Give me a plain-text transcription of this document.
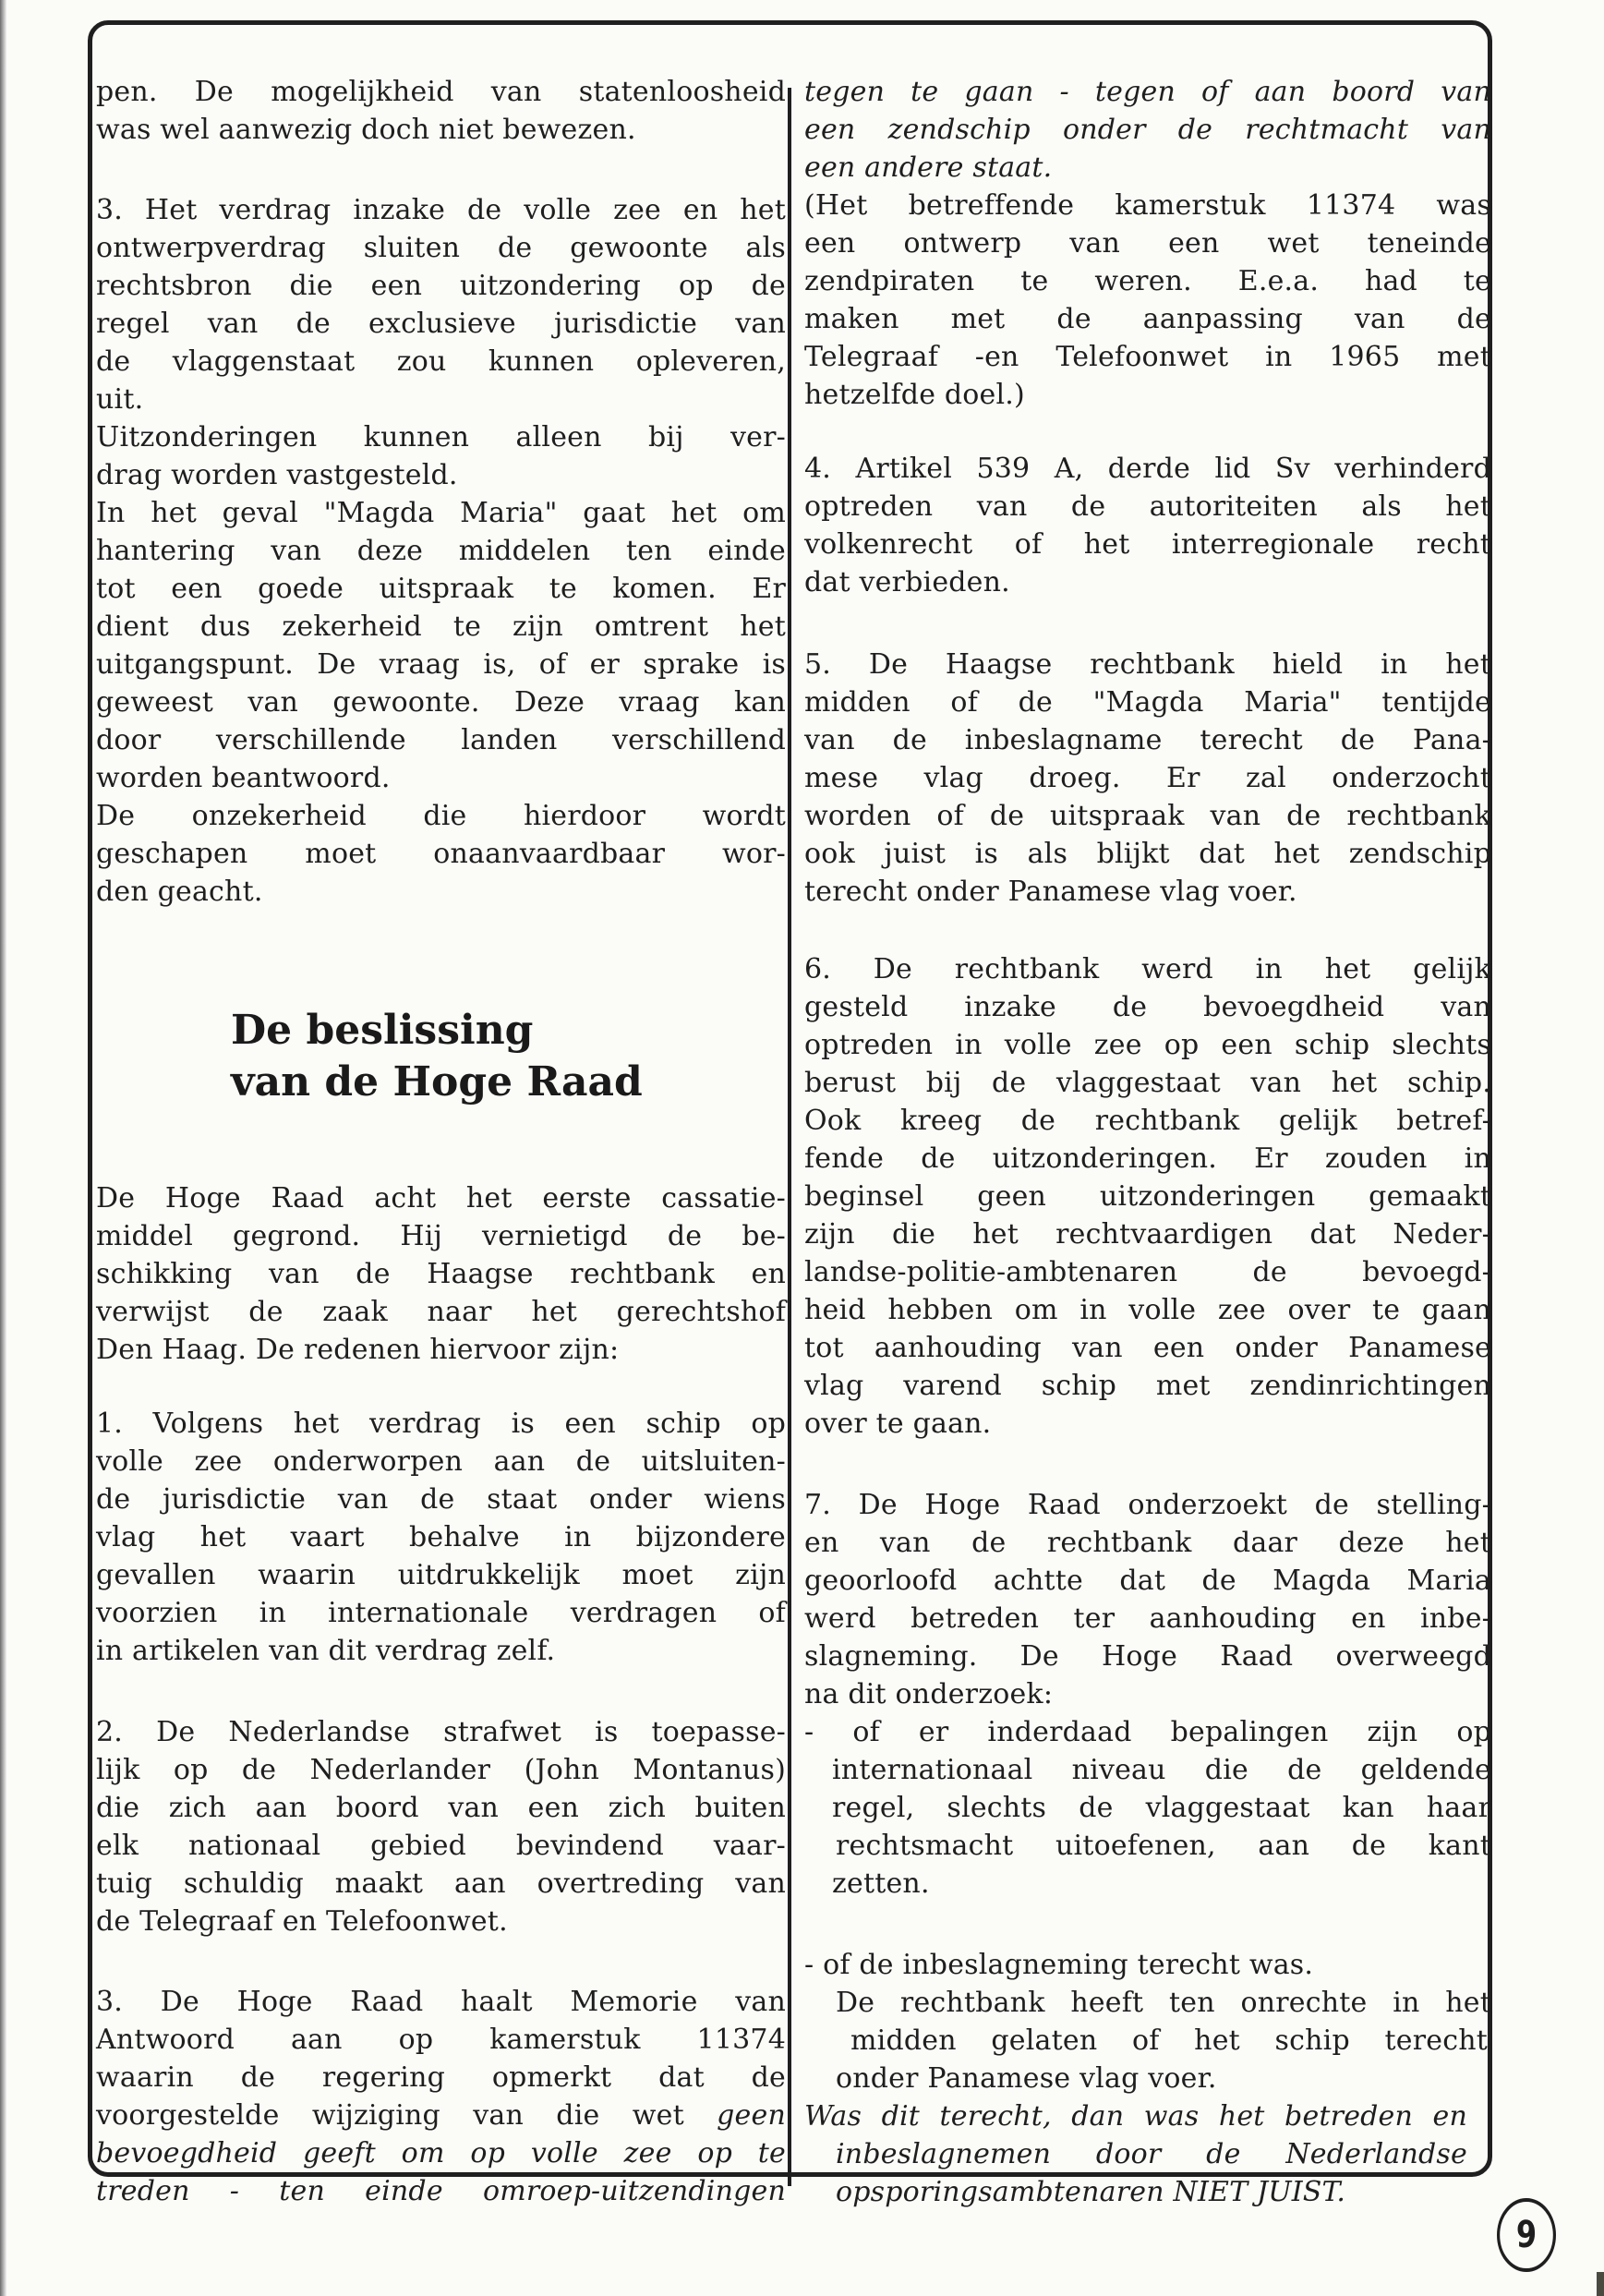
pen. De mogelijkheid van statenloosheid
was wel aanwezig doch niet bewezen.
3. Het verdrag inzake de volle zee en het
ontwerpverdrag sluiten de gewoonte als
rechtsbron die een uitzondering op de
regel van de exclusieve jurisdictie van
de vlaggenstaat zou kunnen opleveren,
uit.
Uitzonderingen kunnen alleen bij ver-
drag worden vastgesteld.
In het geval "Magda Maria" gaat het om
hantering van deze middelen ten einde
tot een goede uitspraak te komen. Er
dient dus zekerheid te zijn omtrent het
uitgangspunt. De vraag is, of er sprake is
geweest van gewoonte. Deze vraag kan
door verschillende landen verschillend
worden beantwoord.
De onzekerheid die hierdoor wordt
geschapen moet onaanvaardbaar wor-
den geacht.
De beslissing
van de Hoge Raad
De Hoge Raad acht het eerste cassatie-
middel gegrond. Hij vernietigd de be-
schikking van de Haagse rechtbank en
verwijst de zaak naar het gerechtshof
Den Haag. De redenen hiervoor zijn:
1. Volgens het verdrag is een schip op
volle zee onderworpen aan de uitsluiten-
de jurisdictie van de staat onder wiens
vlag het vaart behalve in bijzondere
gevallen waarin uitdrukkelijk moet zijn
voorzien in internationale verdragen of
in artikelen van dit verdrag zelf.
2. De Nederlandse strafwet is toepasse-
lijk op de Nederlander (John Montanus)
die zich aan boord van een zich buiten
elk nationaal gebied bevindend vaar-
tuig schuldig maakt aan overtreding van
de Telegraaf en Telefoonwet.
3. De Hoge Raad haalt Memorie van
Antwoord aan op kamerstuk 11374
waarin de regering opmerkt dat de
voorgestelde wijziging van die wet geen
bevoegdheid geeft om op volle zee op te
treden - ten einde omroep-uitzendingen
tegen te gaan - tegen of aan boord van
een zendschip onder de rechtmacht van
een andere staat.
(Het betreffende kamerstuk 11374 was
een ontwerp van een wet teneinde
zendpiraten te weren. E.e.a. had te
maken met de aanpassing van de
Telegraaf -en Telefoonwet in 1965 met
hetzelfde doel.)
4. Artikel 539 A, derde lid Sv verhinderd
optreden van de autoriteiten als het
volkenrecht of het interregionale recht
dat verbieden.
5. De Haagse rechtbank hield in het
midden of de "Magda Maria" tentijde
van de inbeslagname terecht de Pana-
mese vlag droeg. Er zal onderzocht
worden of de uitspraak van de rechtbank
ook juist is als blijkt dat het zendschip
terecht onder Panamese vlag voer.
6. De rechtbank werd in het gelijk
gesteld inzake de bevoegdheid van
optreden in volle zee op een schip slechts
berust bij de vlaggestaat van het schip.
Ook kreeg de rechtbank gelijk betref-
fende de uitzonderingen. Er zouden in
beginsel geen uitzonderingen gemaakt
zijn die het rechtvaardigen dat Neder-
landse-politie-ambtenaren de bevoegd-
heid hebben om in volle zee over te gaan
tot aanhouding van een onder Panamese
vlag varend schip met zendinrichtingen
over te gaan.
7. De Hoge Raad onderzoekt de stelling-
en van de rechtbank daar deze het
geoorloofd achtte dat de Magda Maria
werd betreden ter aanhouding en inbe-
slagneming. De Hoge Raad overweegd
na dit onderzoek:
- of er inderdaad bepalingen zijn op
internationaal niveau die de geldende
regel, slechts de vlaggestaat kan haar
rechtsmacht uitoefenen, aan de kant
zetten.
- of de inbeslagneming terecht was.
De rechtbank heeft ten onrechte in het
midden gelaten of het schip terecht
onder Panamese vlag voer.
Was dit terecht, dan was het betreden en
inbeslagnemen door de Nederlandse
opsporingsambtenaren NIET JUIST.
9
